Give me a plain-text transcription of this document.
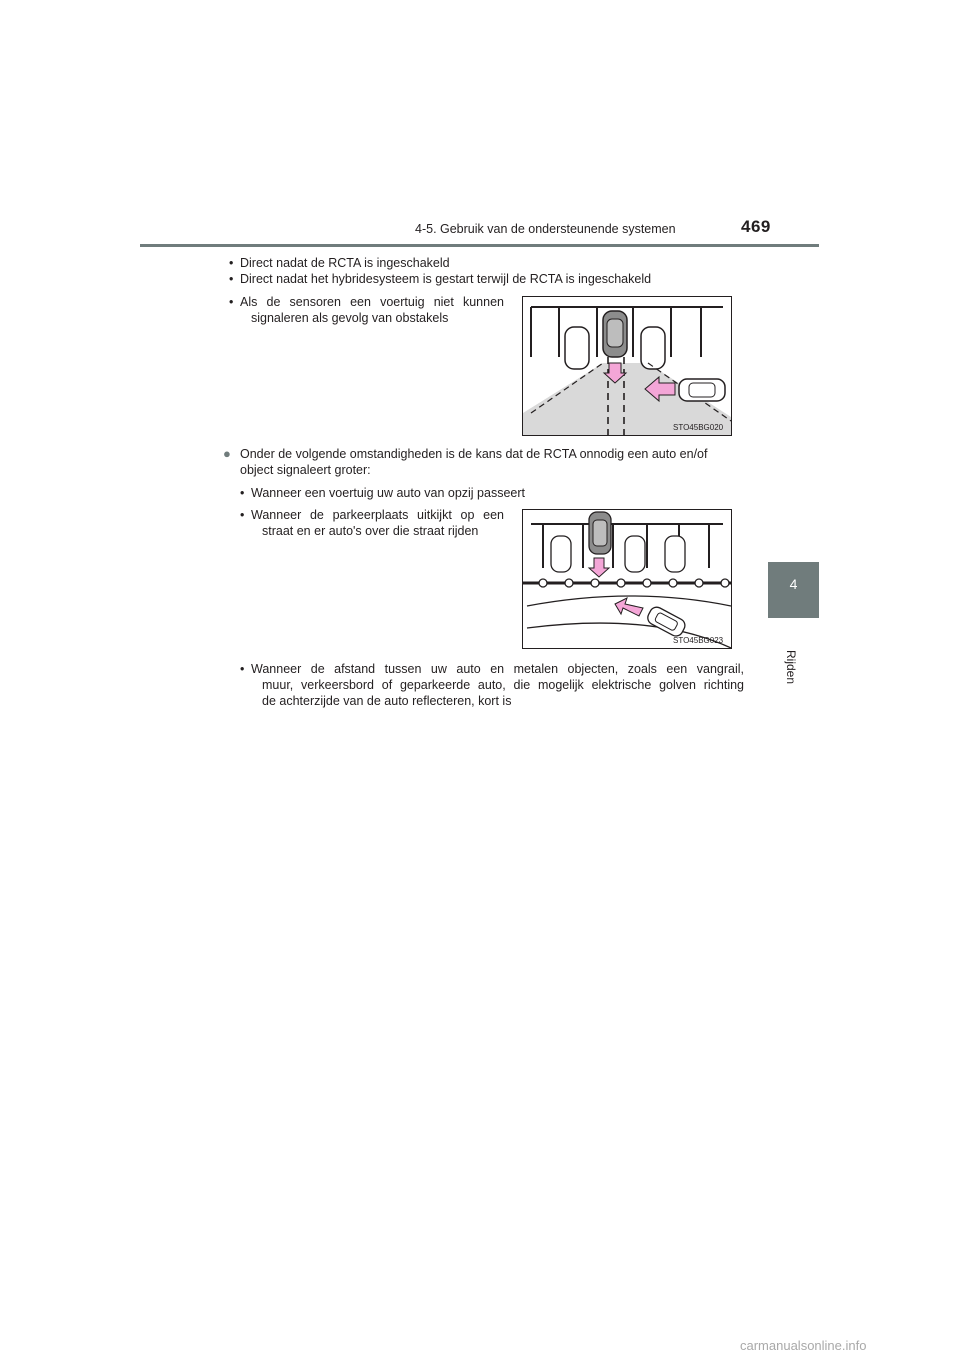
4-5. Gebruik van de ondersteunende systemen	469
4
Rijden
• Direct nadat de RCTA is ingeschakeld
• Direct nadat het hybridesysteem is gestart terwijl de RCTA is ingeschakeld
• Als de sensoren een voertuig niet kunnen
signaleren als gevolg van obstakels
STO45BG020
● Onder de volgende omstandigheden is de kans dat de RCTA onnodig een auto en/of
object signaleert groter:
• Wanneer een voertuig uw auto van opzij passeert
• Wanneer de parkeerplaats uitkijkt op een
straat en er auto's over die straat rijden
STO45BG023
• Wanneer de afstand tussen uw auto en metalen objecten, zoals een vangrail,
muur, verkeersbord of geparkeerde auto, die mogelijk elektrische golven richting
de achterzijde van de auto reflecteren, kort is
carmanualsonline.info
